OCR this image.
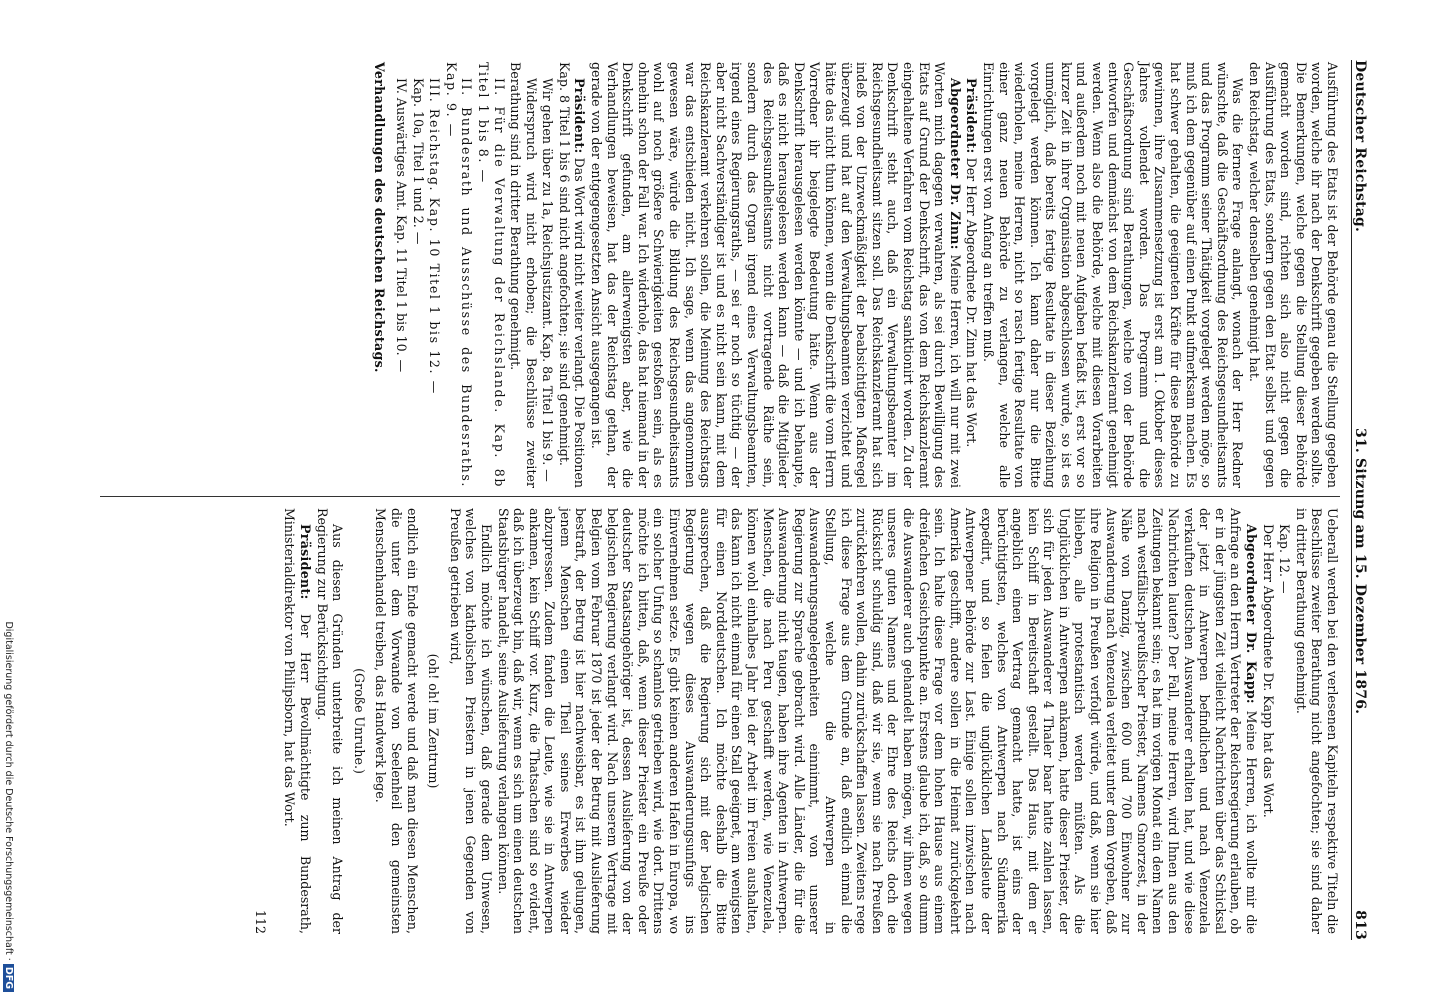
Deutscher Reichstag.
31. Sitzung am 15. Dezember 1876.
813

Ausführung des Etats ist der Behörde genau die Stellung gegeben worden, welche ihr nach der Denkschrift gegeben werden sollte. Die Bemerkungen, welche gegen die Stellung dieser Behörde gemacht worden sind, richten sich also nicht gegen die Ausführung des Etats, sondern gegen den Etat selbst und gegen den Reichstag, welcher denselben genehmigt hat.

Was die fernere Frage anlangt, wonach der Herr Redner wünschte, daß die Geschäftsordnung des Reichsgesundheitsamts und das Programm seiner Thätigkeit vorgelegt werden möge, so muß ich dem gegenüber auf einen Punkt aufmerksam machen. Es hat schwer gehalten, die geeigneten Kräfte für diese Behörde zu gewinnen, ihre Zusammensetzung ist erst am 1. Oktober dieses Jahres vollendet worden. Das Programm und die Geschäftsordnung sind Berathungen, welche von der Behörde entworfen und demnächst von dem Reichskanzleramt genehmigt werden. Wenn also die Behörde, welche mit diesen Vorarbeiten und außerdem noch mit neuen Aufgaben befaßt ist, erst vor so kurzer Zeit in ihrer Organisation abgeschlossen wurde, so ist es unmöglich, daß bereits fertige Resultate in dieser Beziehung vorgelegt werden können. Ich kann daher nur die Bitte wiederholen, meine Herren, nicht so rasch fertige Resultate von einer ganz neuen Behörde zu verlangen, welche alle Einrichtungen erst von Anfang an treffen muß.

Präsident: Der Herr Abgeordnete Dr. Zinn hat das Wort.

Abgeordneter Dr. Zinn: Meine Herren, ich will nur mit zwei Worten mich dagegen verwahren, als sei durch Bewilligung des Etats auf Grund der Denkschrift, das von dem Reichskanzleramt eingehaltene Verfahren vom Reichstag sanktionirt worden. Zu der Denkschrift steht auch, daß ein Verwaltungsbeamter im Reichsgesundheitsamt sitzen soll. Das Reichskanzleramt hat sich indeß von der Unzweckmäßigkeit der beabsichtigten Maßregel überzeugt und hat auf den Verwaltungsbeamten verzichtet und hätte das nicht thun können, wenn die Denkschrift die vom Herrn Vorredner ihr beigelegte Bedeutung hätte. Wenn aus der Denkschrift herausgelesen werden könnte — und ich behaupte, daß es nicht herausgelesen werden kann — daß die Mitglieder des Reichsgesundheitsamts nicht vortragende Räthe sein, sondern durch das Organ irgend eines Verwaltungsbeamten, irgend eines Regierungsraths, — sei er noch so tüchtig — der aber nicht Sachverständiger ist und es nicht sein kann, mit dem Reichskanzleramt verkehren sollen, die Meinung des Reichstags war das entschieden nicht. Ich sage, wenn das angenommen gewesen wäre, würde die Bildung des Reichsgesundheitsamts wohl auf noch größere Schwierigkeiten gestoßen sein, als es ohnehin schon der Fall war. Ich widerhole, das hat niemand in der Denkschrift gefunden, am allerwenigsten aber, wie die Verhandlungen beweisen, hat das der Reichstag gethan, der gerade von der entgegengesetzten Ansicht ausgegangen ist.

Präsident: Das Wort wird nicht weiter verlangt. Die Positionen Kap. 8 Titel 1 bis 6 sind nicht angefochten; sie sind genehmigt.

Wir gehen über zu 1a, Reichsjustizamt. Kap. 8a Titel 1 bis 9. —

Widerspruch wird nicht erhoben; die Beschlüsse zweiter Berathung sind in dritter Berathung genehmigt.

II. Für die Verwaltung der Reichslande. Kap. 8b Titel 1 bis 8. —

II. Bundesrath und Ausschüsse des Bundesraths. Kap. 9. —

III. Reichstag. Kap. 10 Titel 1 bis 12. —

Kap. 10a, Titel 1 und 2. —

IV. Auswärtiges Amt. Kap. 11 Titel 1 bis 10. —

Verhandlungen des deutschen Reichstags.

Ueberall werden bei den verlesenen Kapiteln respektive Titeln die Beschlüsse zweiter Berathung nicht angefochten; sie sind daher in dritter Berathung genehmigt.

Kap. 12. —

Der Herr Abgeordnete Dr. Kapp hat das Wort.

Abgeordneter Dr. Kapp: Meine Herren, ich wollte mir die Anfrage an den Herrn Vertreter der Reichsregierung erlauben, ob er in der jüngsten Zeit vielleicht Nachrichten über das Schicksal der jetzt in Antwerpen befindlichen und nach Venezuela verkauften deutschen Auswanderer erhalten hat, und wie diese Nachrichten lauten? Der Fall, meine Herren, wird Ihnen aus den Zeitungen bekannt sein; es hat im vorigen Monat ein dem Namen nach westfälisch-preußischer Priester, Namens Gmorzest, in der Nähe von Danzig, zwischen 600 und 700 Einwohner zur Auswanderung nach Venezuela verleitet unter dem Vorgeben, daß ihre Religion in Preußen verfolgt würde, und daß, wenn sie hier blieben, alle protestantisch werden müßten. Als die Unglücklichen in Antwerpen ankamen, hatte dieser Priester, der sich für jeden Auswanderer 4 Thaler baar hatte zahlen lassen, kein Schiff in Bereitschaft gestellt. Das Haus, mit dem er angeblich einen Vertrag gemacht hatte, ist eins der berüchtigtsten, welches von Antwerpen nach Südamerika expedirt, und so fielen die unglücklichen Landsleute der Antwerpener Behörde zur Last. Einige sollen inzwischen nach Amerika geschifft, andere sollen in die Heimat zurückgekehrt sein. Ich halte diese Frage vor dem hohen Hause aus einem dreifachen Gesichtspunkte an. Erstens glaube ich, daß, so dumm die Auswanderer auch gehandelt haben mögen, wir ihnen wegen unseres guten Namens und der Ehre des Reichs doch die Rücksicht schuldig sind, daß wir sie, wenn sie nach Preußen zurückkehren wollen, dahin zurückschaffen lassen. Zweitens rege ich diese Frage aus dem Grunde an, daß endlich einmal die Stellung, welche die Antwerpen in Auswanderungsangelegenheiten einnimmt, von unserer Regierung zur Sprache gebracht wird. Alle Länder, die für die Auswanderung nicht taugen, haben ihre Agenten in Antwerpen. Menschen, die nach Peru geschafft werden, wie Venezuela, können wohl einhalbes Jahr bei der Arbeit im Freien aushalten, das kann ich nicht einmal für einen Stall geeignet, am wenigsten für einen Norddeutschen. Ich möchte deshalb die Bitte aussprechen, daß die Regierung sich mit der belgischen Regierung wegen dieses Auswanderungsunfugs ins Einvernehmen setze. Es gibt keinen anderen Hafen in Europa, wo ein solcher Unfug so schamlos getrieben wird, wie dort. Drittens möchte ich bitten, daß, wenn dieser Priester ein Preuße oder deutscher Staatsangehöriger ist, dessen Auslieferung von der belgischen Regierung verlangt wird. Nach unserem Vertrage mit Belgien vom Februar 1870 ist jeder der Betrug mit Auslieferung bestraft, der Betrug ist hier nachweisbar, es ist ihm gelungen, jenem Menschen einen Theil seines Erwerbes wieder abzupressen. Zudem fanden die Leute, wie sie in Antwerpen ankamen, kein Schiff vor. Kurz, die Thatsachen sind so evident, daß ich überzeugt bin, daß wir, wenn es sich um einen deutschen Staatsbürger handelt, seine Auslieferung verlangen können.

Endlich möchte ich wünschen, daß gerade dem Unwesen, welches von katholischen Priestern in jenen Gegenden von Preußen getrieben wird,

(oh! oh! im Zentrum)

endlich ein Ende gemacht werde und daß man diesen Menschen, die unter dem Vorwande von Seelenheil den gemeinsten Menschenhandel treiben, das Handwerk lege.

(Große Unruhe.)

Aus diesen Gründen unterbreite ich meinen Antrag der Regierung zur Berücksichtigung.

Präsident: Der Herr Bevollmächtigte zum Bundesrath, Ministerialdirektor von Philipsborn, hat das Wort.

112

Digitalisierung gefördert durch die Deutsche Forschungsgemeinschaft ·DFG
